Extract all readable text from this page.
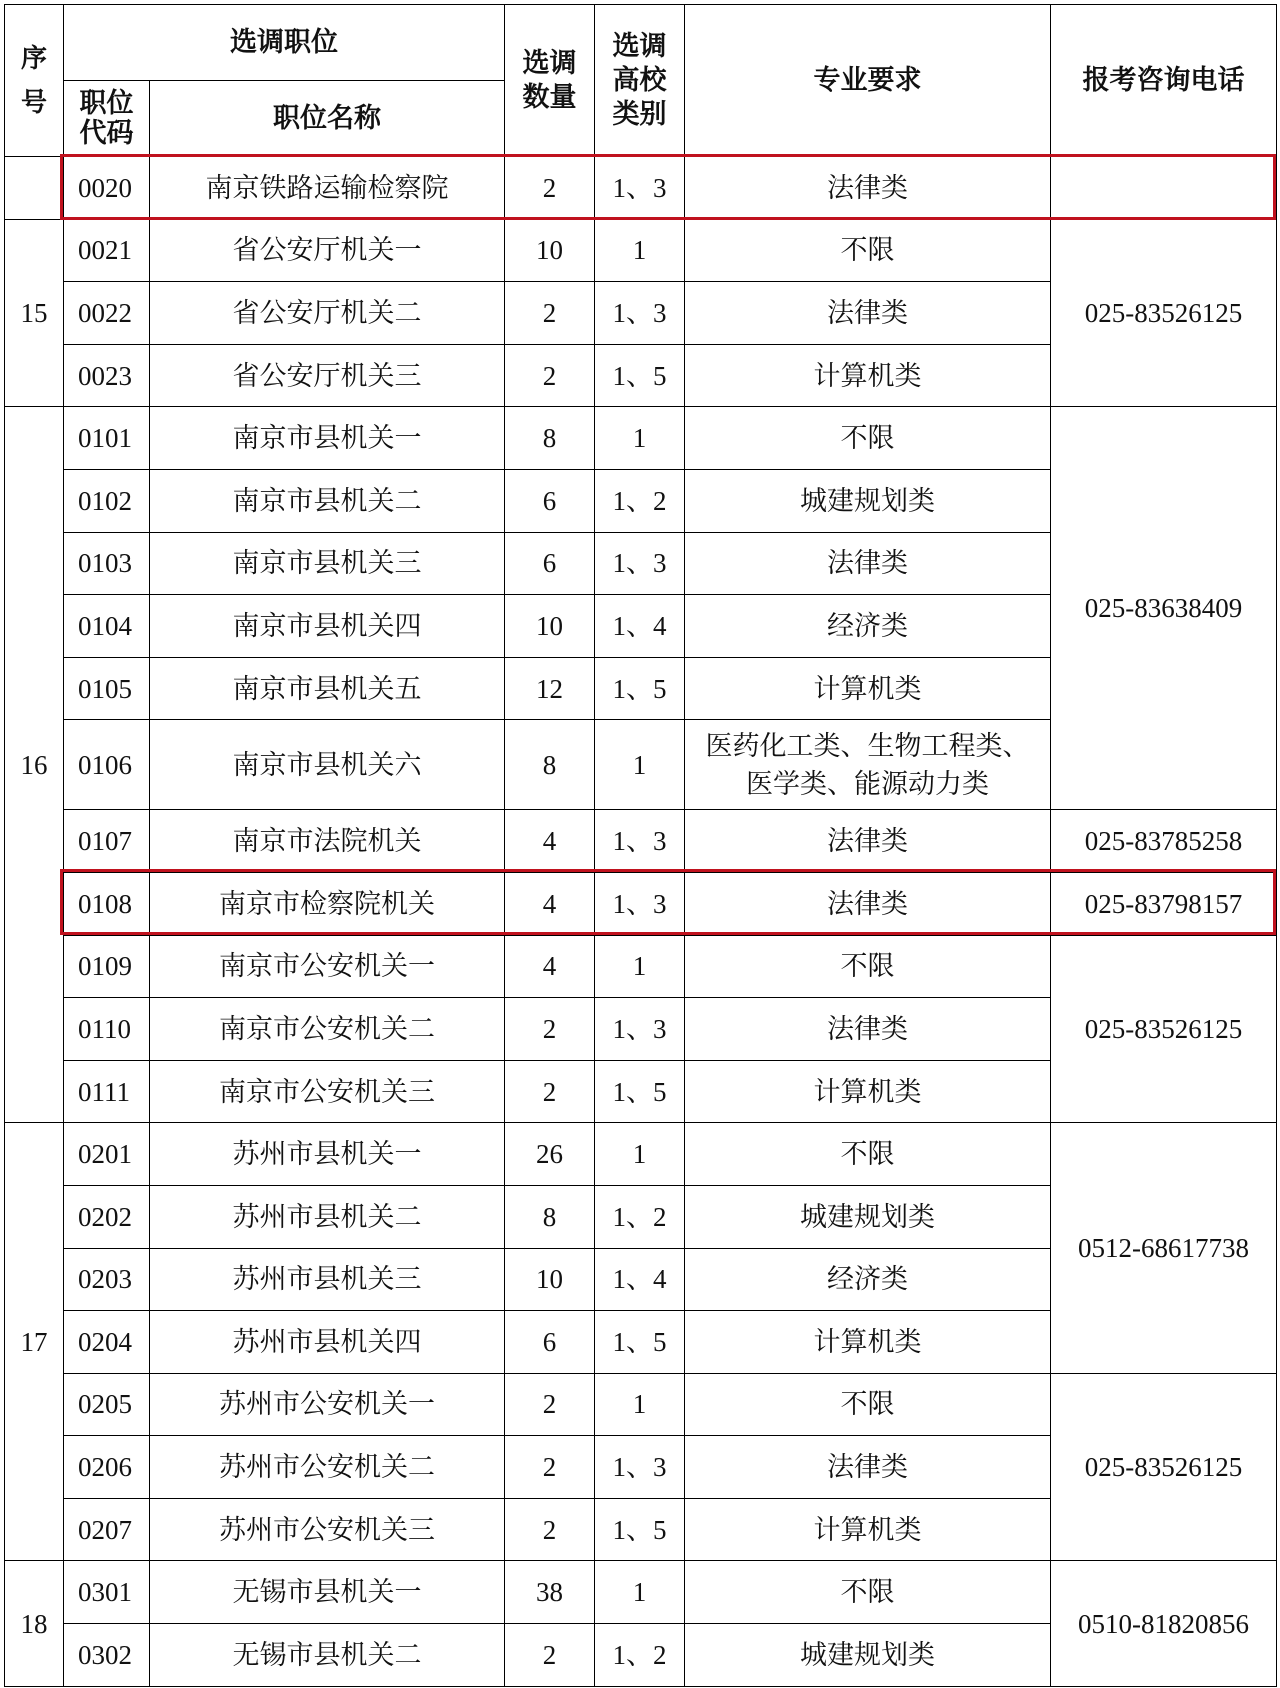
序号	选调职位		选调数量	选调高校类别	专业要求	报考咨询电话
	职位代码	职位名称				
	0020	南京铁路运输检察院	2	1、3	法律类	
15	0021	省公安厅机关一	10	1	不限	025-83526125
	0022	省公安厅机关二	2	1、3	法律类	
	0023	省公安厅机关三	2	1、5	计算机类	
16	0101	南京市县机关一	8	1	不限	025-83638409
	0102	南京市县机关二	6	1、2	城建规划类	
	0103	南京市县机关三	6	1、3	法律类	
	0104	南京市县机关四	10	1、4	经济类	
	0105	南京市县机关五	12	1、5	计算机类	
	0106	南京市县机关六	8	1	医药化工类、生物工程类、
医学类、能源动力类	

	0107	南京市法院机关	4	1、3	法律类	025-83785258
	0108	南京市检察院机关	4	1、3	法律类	025-83798157
	0109	南京市公安机关一	4	1	不限	025-83526125
	0110	南京市公安机关二	2	1、3	法律类	
	0111	南京市公安机关三	2	1、5	计算机类	
17	0201	苏州市县机关一	26	1	不限	0512-68617738
	0202	苏州市县机关二	8	1、2	城建规划类	
	0203	苏州市县机关三	10	1、4	经济类	
	0204	苏州市县机关四	6	1、5	计算机类	
	0205	苏州市公安机关一	2	1	不限	025-83526125
	0206	苏州市公安机关二	2	1、3	法律类	
	0207	苏州市公安机关三	2	1、5	计算机类	
18	0301	无锡市县机关一	38	1	不限	0510-81820856
	0302	无锡市县机关二	2	1、2	城建规划类	
